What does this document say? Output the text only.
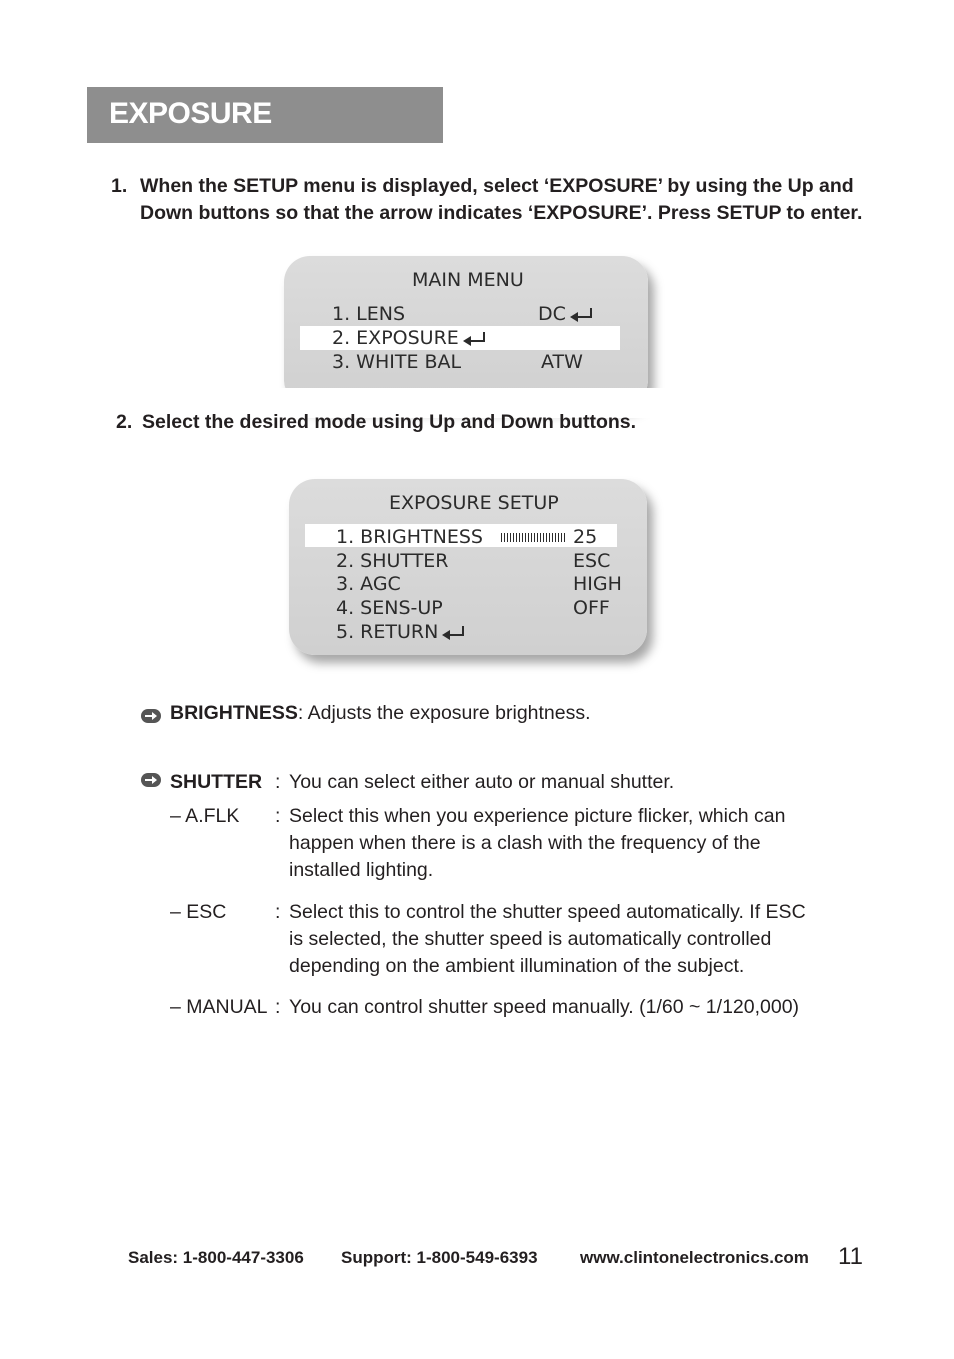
EXPOSURE
1. When the SETUP menu is displayed, select ‘EXPOSURE’ by using the Up and
Down buttons so that the arrow indicates ‘EXPOSURE’. Press SETUP to enter.
MAIN MENU
1. LENS	DC
2. EXPOSURE
3. WHITE BAL	ATW
2. Select the desired mode using Up and Down buttons.
EXPOSURE SETUP
1. BRIGHTNESS	25
2. SHUTTER	ESC
3. AGC	HIGH
4. SENS-UP	OFF
5. RETURN
BRIGHTNESS: Adjusts the exposure brightness.
SHUTTER : You can select either auto or manual shutter.
– A.FLK : Select this when you experience picture flicker, which can
happen when there is a clash with the frequency of the
installed lighting.
– ESC : Select this to control the shutter speed automatically. If ESC
is selected, the shutter speed is automatically controlled
depending on the ambient illumination of the subject.
– MANUAL : You can control shutter speed manually. (1/60 ~ 1/120,000)
Sales: 1-800-447-3306 Support: 1-800-549-6393 www.clintonelectronics.com 11
